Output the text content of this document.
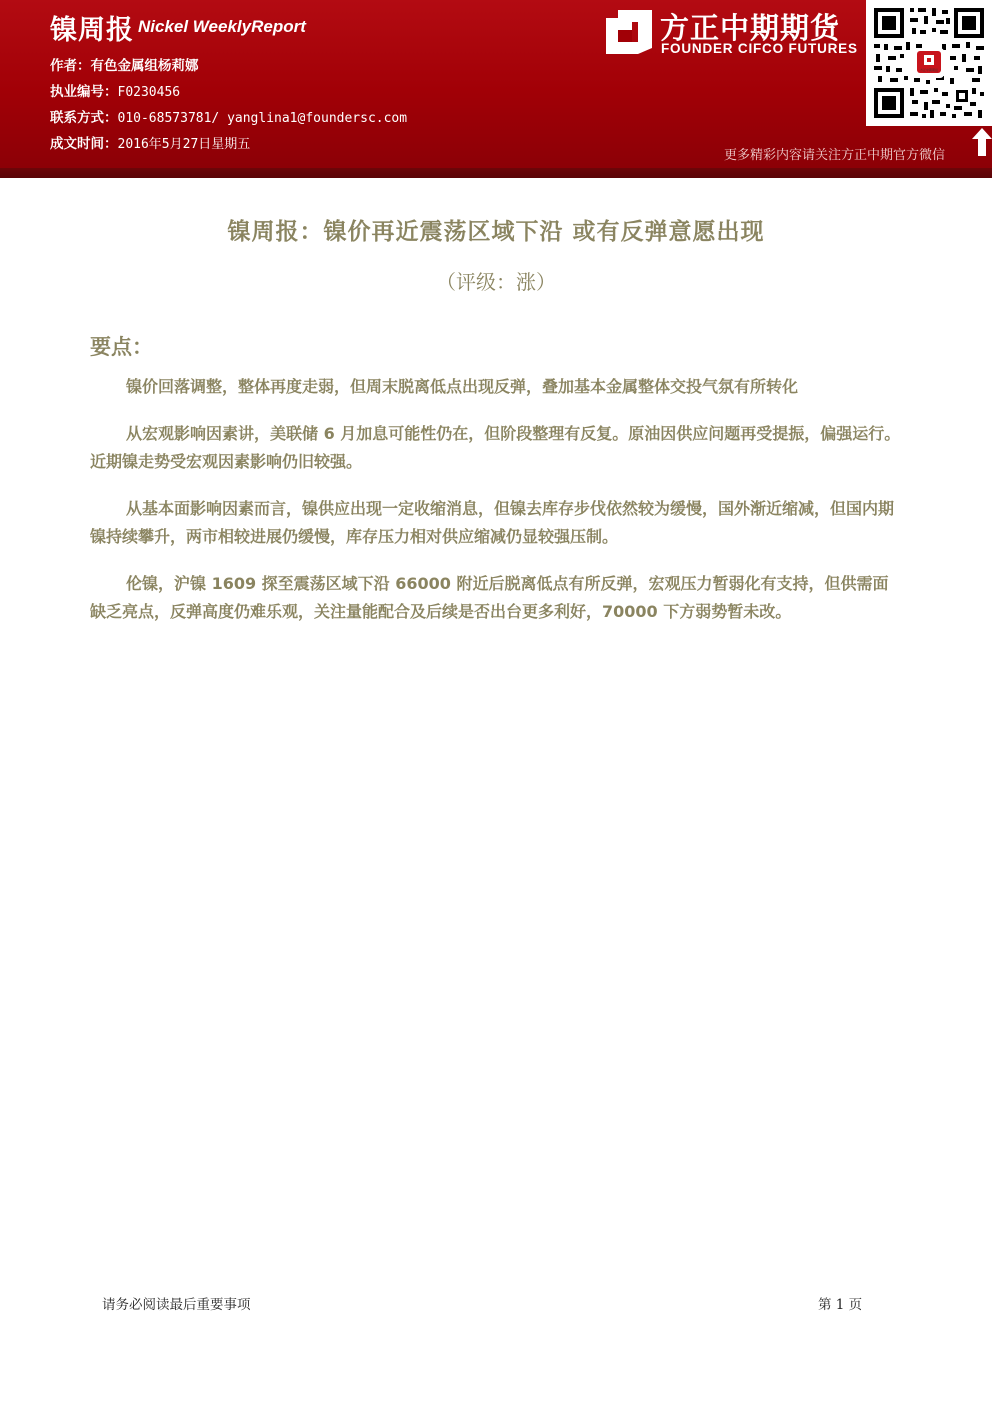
镍周报 Nickel WeeklyReport
作者：有色金属组杨莉娜
执业编号：F0230456
联系方式：010-68573781/ yanglina1@foundersc.com
成文时间：2016年5月27日星期五
方正中期期货
FOUNDER CIFCO FUTURES
方正中期期货
更多精彩内容请关注方正中期官方微信
镍周报：镍价再近震荡区域下沿 或有反弹意愿出现
（评级：涨）
要点：

镍价回落调整，整体再度走弱，但周末脱离低点出现反弹，叠加基本金属整体交投气氛有所转化

从宏观影响因素讲，美联储 6 月加息可能性仍在，但阶段整理有反复。原油因供应问题再受提振，偏强运行。近期镍走势受宏观因素影响仍旧较强。

从基本面影响因素而言，镍供应出现一定收缩消息，但镍去库存步伐依然较为缓慢，国外渐近缩减，但国内期镍持续攀升，两市相较进展仍缓慢，库存压力相对供应缩减仍显较强压制。

伦镍，沪镍 1609 探至震荡区域下沿 66000 附近后脱离低点有所反弹，宏观压力暂弱化有支持，但供需面缺乏亮点，反弹高度仍难乐观，关注量能配合及后续是否出台更多利好，70000 下方弱势暂未改。

请务必阅读最后重要事项	第 1 页
